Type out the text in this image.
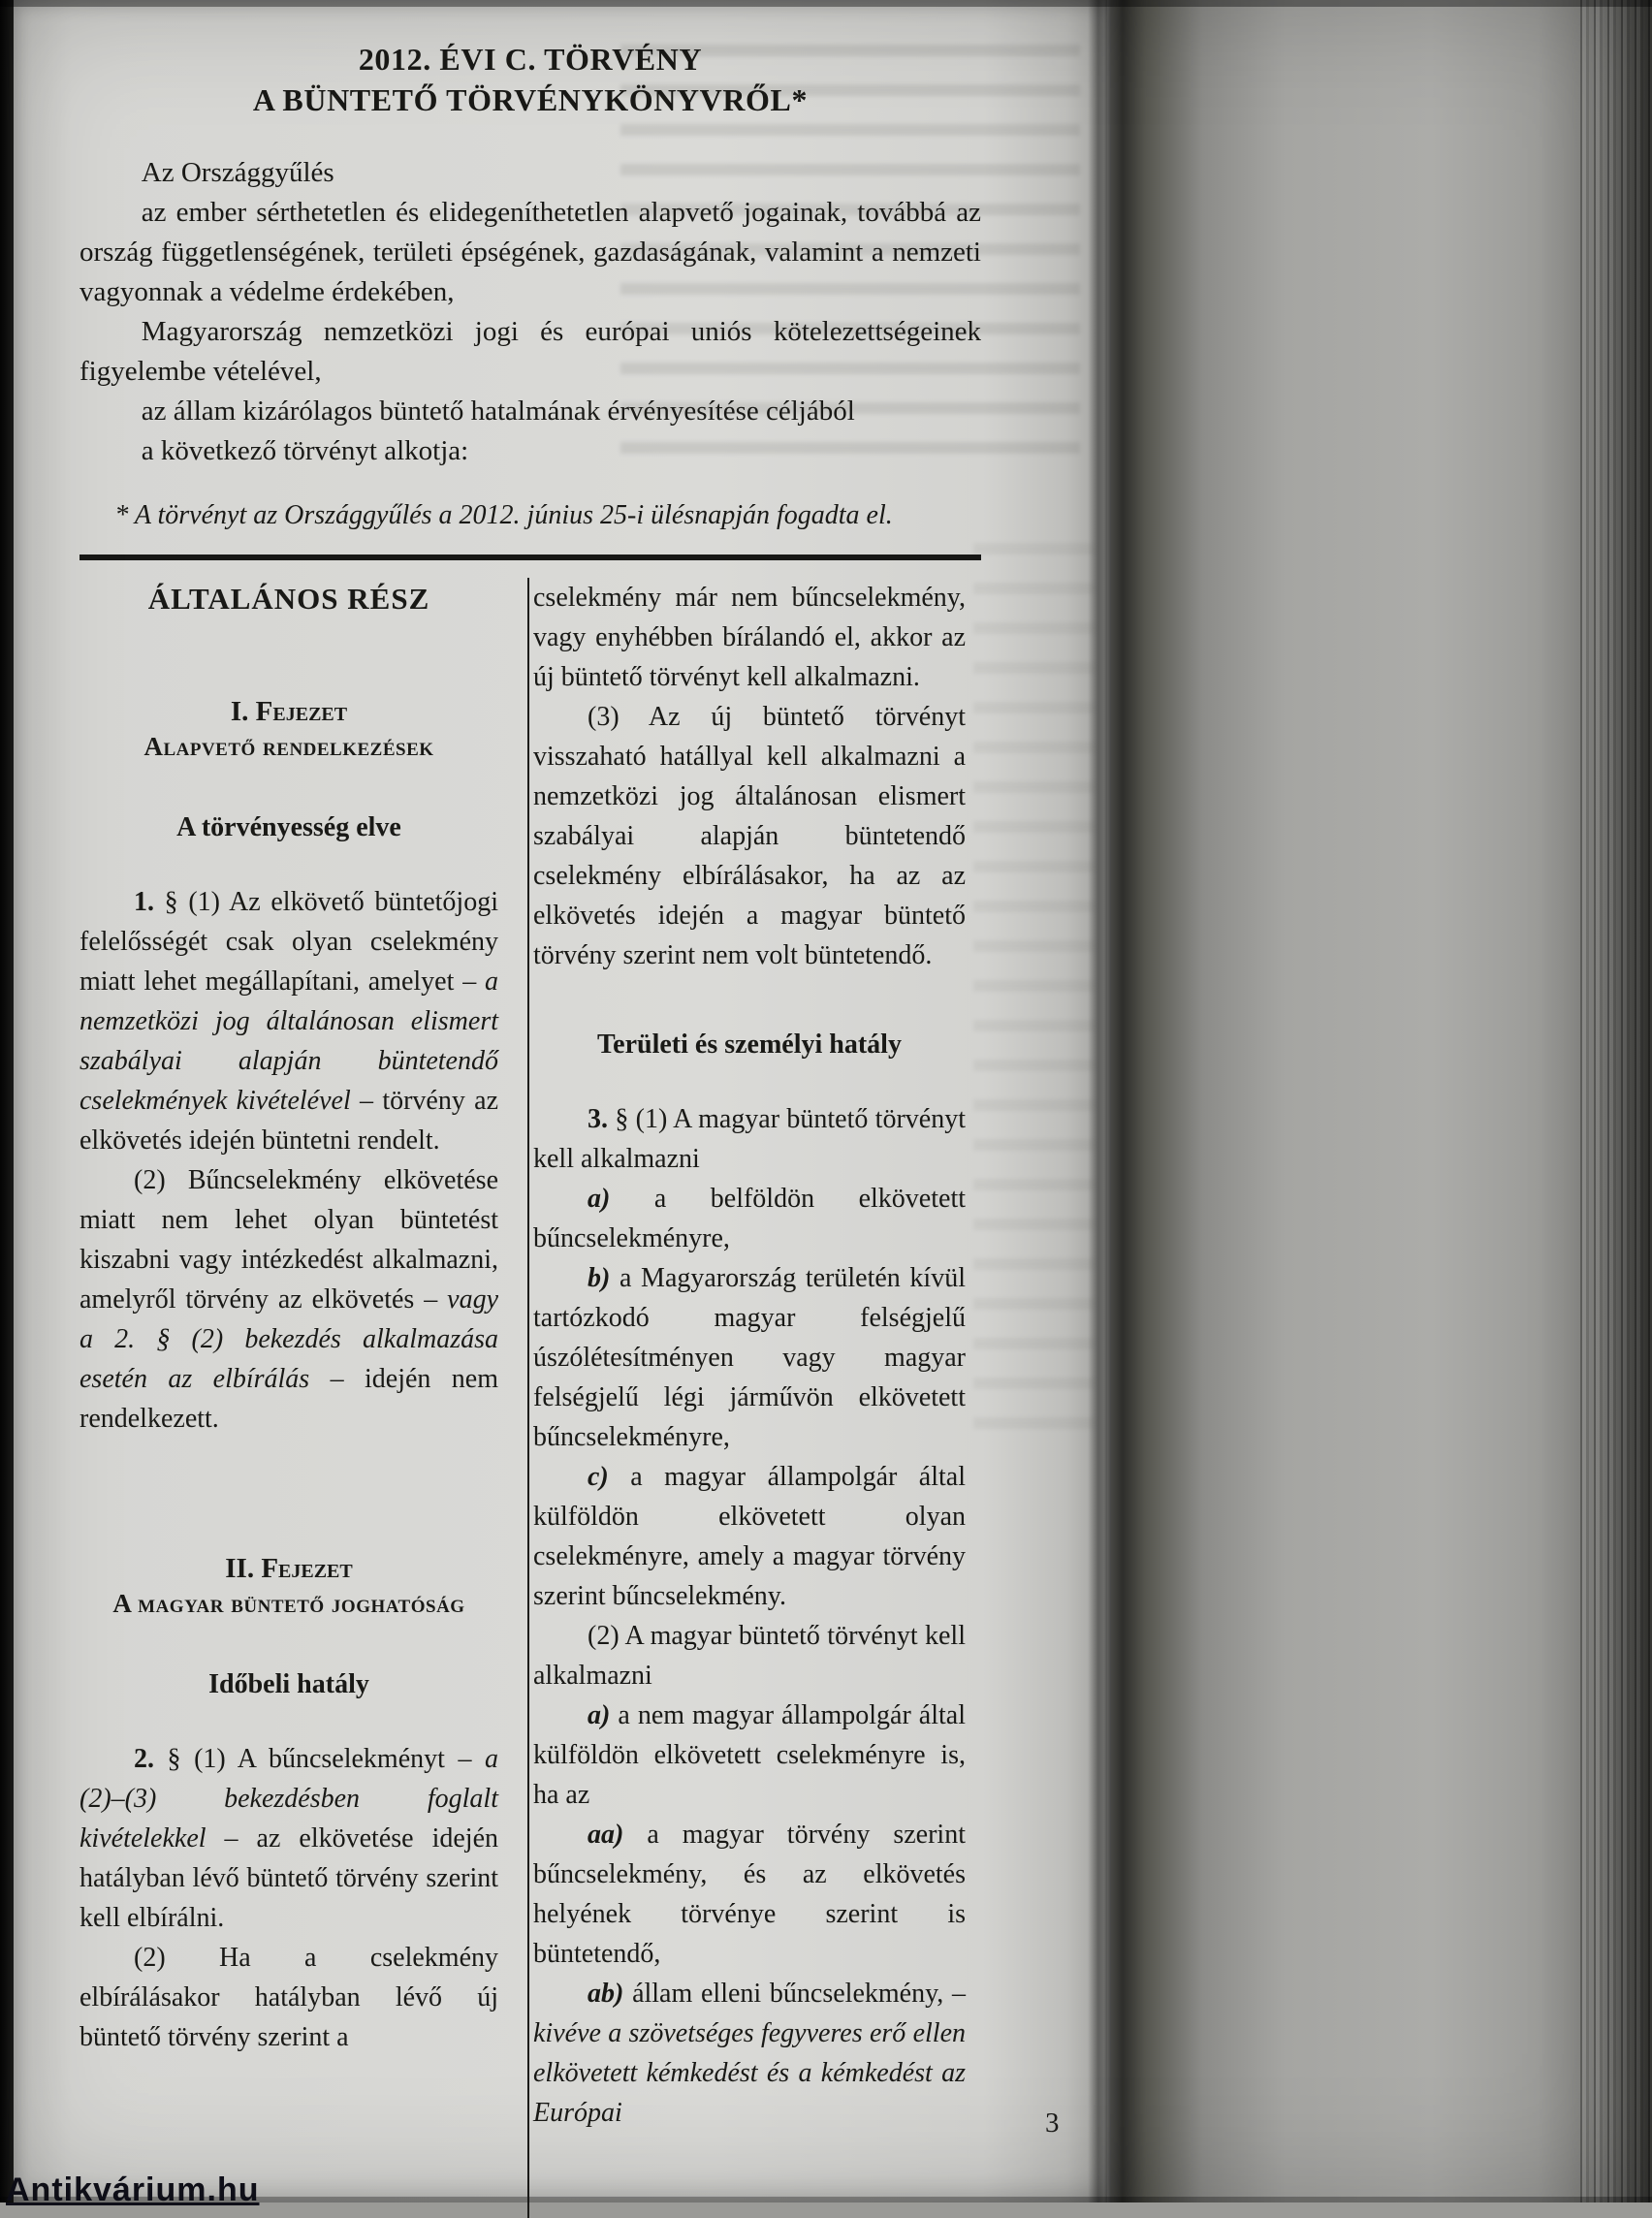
2012. ÉVI C. TÖRVÉNY
A BÜNTETŐ TÖRVÉNYKÖNYVRŐL*

Az Országgyűlés

az ember sérthetetlen és elidegeníthetetlen alapvető jogainak, továbbá az ország függetlenségének, területi épségének, gazdaságának, valamint a nemzeti vagyonnak a védelme érdekében,

Magyarország nemzetközi jogi és európai uniós kötelezettségeinek figyelembe vételével,

az állam kizárólagos büntető hatalmának érvényesítése céljából

a következő törvényt alkotja:

* A törvényt az Országgyűlés a 2012. június 25-i ülésnapján fogadta el.
ÁLTALÁNOS RÉSZ
I. Fejezet
Alapvető rendelkezések
A törvényesség elve

1. § (1) Az elkövető büntetőjogi felelősségét csak olyan cselekmény miatt lehet megállapítani, amelyet – a nemzetközi jog általánosan elismert szabályai alapján büntetendő cselekmények kivételével – törvény az elkövetés idején büntetni rendelt.

(2) Bűncselekmény elkövetése miatt nem lehet olyan büntetést kiszabni vagy intézkedést alkalmazni, amelyről törvény az elkövetés – vagy a 2. § (2) bekezdés alkalmazása esetén az elbírálás – idején nem rendelkezett.

II. Fejezet
A magyar büntető joghatóság
Időbeli hatály

2. § (1) A bűncselekményt – a (2)–(3) bekezdésben foglalt kivételekkel – az elkövetése idején hatályban lévő büntető törvény szerint kell elbírálni.

(2) Ha a cselekmény elbírálásakor hatályban lévő új büntető törvény szerint a

cselekmény már nem bűncselekmény, vagy enyhébben bírálandó el, akkor az új büntető törvényt kell alkalmazni.

(3) Az új büntető törvényt visszaható hatállyal kell alkalmazni a nemzetközi jog általánosan elismert szabályai alapján büntetendő cselekmény elbírálásakor, ha az az elkövetés idején a magyar büntető törvény szerint nem volt büntetendő.

Területi és személyi hatály

3. § (1) A magyar büntető törvényt kell alkalmazni

a) a belföldön elkövetett bűncselekményre,

b) a Magyarország területén kívül tartózkodó magyar felségjelű úszólétesítményen vagy magyar felségjelű légi járművön elkövetett bűncselekményre,

c) a magyar állampolgár által külföldön elkövetett olyan cselekményre, amely a magyar törvény szerint bűncselekmény.

(2) A magyar büntető törvényt kell alkalmazni

a) a nem magyar állampolgár által külföldön elkövetett cselekményre is, ha az

aa) a magyar törvény szerint bűncselekmény, és az elkövetés helyének törvénye szerint is büntetendő,

ab) állam elleni bűncselekmény, – kivéve a szövetséges fegyveres erő ellen elkövetett kémkedést és a kémkedést az Európai	3
Antikvárium.hu
